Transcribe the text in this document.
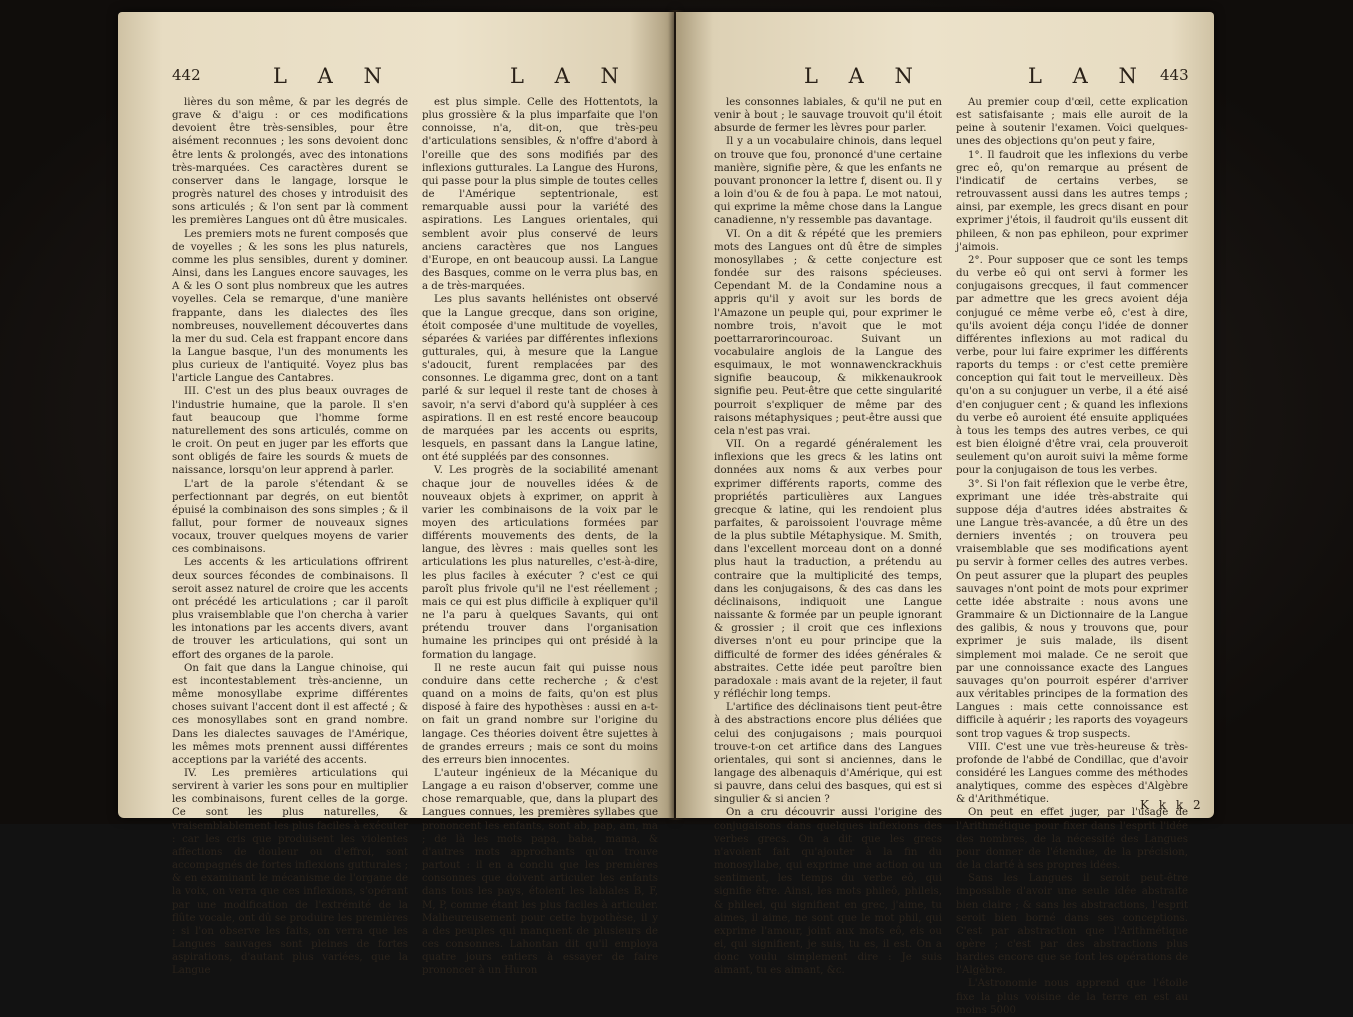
442	L A N	L A N

lières du son même, & par les degrés de grave & d'aigu : or ces modifications devoient être très-sensibles, pour être aisément reconnues ; les sons devoient donc être lents & prolongés, avec des intonations très-marquées. Ces caractères durent se conserver dans le langage, lorsque le progrès naturel des choses y introduisit des sons articulés ; & l'on sent par là comment les premières Langues ont dû être musicales.

Les premiers mots ne furent composés que de voyelles ; & les sons les plus naturels, comme les plus sensibles, durent y dominer. Ainsi, dans les Langues encore sauvages, les A & les O sont plus nombreux que les autres voyelles. Cela se remarque, d'une manière frappante, dans les dialectes des îles nombreuses, nouvellement découvertes dans la mer du sud. Cela est frappant encore dans la Langue basque, l'un des monuments les plus curieux de l'antiquité. Voyez plus bas l'article Langue des Cantabres.

III. C'est un des plus beaux ouvrages de l'industrie humaine, que la parole. Il s'en faut beaucoup que l'homme forme naturellement des sons articulés, comme on le croit. On peut en juger par les efforts que sont obligés de faire les sourds & muets de naissance, lorsqu'on leur apprend à parler.

L'art de la parole s'étendant & se perfectionnant par degrés, on eut bientôt épuisé la combinaison des sons simples ; & il fallut, pour former de nouveaux signes vocaux, trouver quelques moyens de varier ces combinaisons.

Les accents & les articulations offrirent deux sources fécondes de combinaisons. Il seroit assez naturel de croire que les accents ont précédé les articulations ; car il paroît plus vraisemblable que l'on chercha à varier les intonations par les accents divers, avant de trouver les articulations, qui sont un effort des organes de la parole.

On fait que dans la Langue chinoise, qui est incontestablement très-ancienne, un même monosyllabe exprime différentes choses suivant l'accent dont il est affecté ; & ces monosyllabes sont en grand nombre. Dans les dialectes sauvages de l'Amérique, les mêmes mots prennent aussi différentes acceptions par la variété des accents.

IV. Les premières articulations qui servirent à varier les sons pour en multiplier les combinaisons, furent celles de la gorge. Ce sont les plus naturelles, & vraisemblablement les plus faciles à exécuter : car les cris que produisent les violentes affections de douleur ou d'effroi, sont accompagnés de fortes inflexions gutturales ; & en examinant le mécanisme de l'organe de la voix, on verra que ces inflexions, s'opérant par une modification de l'extrémité de la flûte vocale, ont dû se produire les premières : si l'on observe les faits, on verra que les Langues sauvages sont pleines de fortes aspirations, d'autant plus variées, que la Langue

est plus simple. Celle des Hottentots, la plus grossière & la plus imparfaite que l'on connoisse, n'a, dit-on, que très-peu d'articulations sensibles, & n'offre d'abord à l'oreille que des sons modifiés par des inflexions gutturales. La Langue des Hurons, qui passe pour la plus simple de toutes celles de l'Amérique septentrionale, est remarquable aussi pour la variété des aspirations. Les Langues orientales, qui semblent avoir plus conservé de leurs anciens caractères que nos Langues d'Europe, en ont beaucoup aussi. La Langue des Basques, comme on le verra plus bas, en a de très-marquées.

Les plus savants hellénistes ont observé que la Langue grecque, dans son origine, étoit composée d'une multitude de voyelles, séparées & variées par différentes inflexions gutturales, qui, à mesure que la Langue s'adoucit, furent remplacées par des consonnes. Le digamma grec, dont on a tant parlé & sur lequel il reste tant de choses à savoir, n'a servi d'abord qu'à suppléer à ces aspirations. Il en est resté encore beaucoup de marquées par les accents ou esprits, lesquels, en passant dans la Langue latine, ont été suppléés par des consonnes.

V. Les progrès de la sociabilité amenant chaque jour de nouvelles idées & de nouveaux objets à exprimer, on apprit à varier les combinaisons de la voix par le moyen des articulations formées par différents mouvements des dents, de la langue, des lèvres : mais quelles sont les articulations les plus naturelles, c'est-à-dire, les plus faciles à exécuter ? c'est ce qui paroît plus frivole qu'il ne l'est réellement ; mais ce qui est plus difficile à expliquer qu'il ne l'a paru à quelques Savants, qui ont prétendu trouver dans l'organisation humaine les principes qui ont présidé à la formation du langage.

Il ne reste aucun fait qui puisse nous conduire dans cette recherche ; & c'est quand on a moins de faits, qu'on est plus disposé à faire des hypothèses : aussi en a-t-on fait un grand nombre sur l'origine du langage. Ces théories doivent être sujettes à de grandes erreurs ; mais ce sont du moins des erreurs bien innocentes.

L'auteur ingénieux de la Mécanique du Langage a eu raison d'observer, comme une chose remarquable, que, dans la plupart des Langues connues, les premières syllabes que prononcent les enfants, sont ab, pap, am, ma ; de là les mots papa, baba, mama, & d'autres mots approchants qu'on trouve partout : il en a conclu que les premières consonnes que doivent articuler les enfants dans tous les pays, étoient les labiales B, F, M, P, comme étant les plus faciles à articuler. Malheureusement pour cette hypothèse, il y a des peuples qui manquent de plusieurs de ces consonnes. Lahontan dit qu'il employa quatre jours entiers à essayer de faire prononcer à un Huron

L A N	L A N 443

les consonnes labiales, & qu'il ne put en venir à bout ; le sauvage trouvoit qu'il étoit absurde de fermer les lèvres pour parler.

Il y a un vocabulaire chinois, dans lequel on trouve que fou, prononcé d'une certaine manière, signifie père, & que les enfants ne pouvant prononcer la lettre f, disent ou. Il y a loin d'ou & de fou à papa. Le mot natoui, qui exprime la même chose dans la Langue canadienne, n'y ressemble pas davantage.

VI. On a dit & répété que les premiers mots des Langues ont dû être de simples monosyllabes ; & cette conjecture est fondée sur des raisons spécieuses. Cependant M. de la Condamine nous a appris qu'il y avoit sur les bords de l'Amazone un peuple qui, pour exprimer le nombre trois, n'avoit que le mot poettarrarorincouroac. Suivant un vocabulaire anglois de la Langue des esquimaux, le mot wonnawenckrackhuis signifie beaucoup, & mikkenaukrook signifie peu. Peut-être que cette singularité pourroit s'expliquer de même par des raisons métaphysiques ; peut-être aussi que cela n'est pas vrai.

VII. On a regardé généralement les inflexions que les grecs & les latins ont données aux noms & aux verbes pour exprimer différents raports, comme des propriétés particulières aux Langues grecque & latine, qui les rendoient plus parfaites, & paroissoient l'ouvrage même de la plus subtile Métaphysique. M. Smith, dans l'excellent morceau dont on a donné plus haut la traduction, a prétendu au contraire que la multiplicité des temps, dans les conjugaisons, & des cas dans les déclinaisons, indiquoit une Langue naissante & formée par un peuple ignorant & grossier ; il croit que ces inflexions diverses n'ont eu pour principe que la difficulté de former des idées générales & abstraites. Cette idée peut paroître bien paradoxale : mais avant de la rejeter, il faut y réfléchir long temps.

L'artifice des déclinaisons tient peut-être à des abstractions encore plus déliées que celui des conjugaisons ; mais pourquoi trouve-t-on cet artifice dans des Langues orientales, qui sont si anciennes, dans le langage des albenaquis d'Amérique, qui est si pauvre, dans celui des basques, qui est si singulier & si ancien ?

On a cru découvrir aussi l'origine des conjugaisons dans quelques inflexions des verbes grecs. On a dit que les grecs n'avoient fait qu'ajouter à la fin du monosyllabe, qui exprime une action ou un sentiment, les temps du verbe eô, qui signifie être. Ainsi, les mots phileô, phileis, & phileei, qui signifient en grec, j'aime, tu aimes, il aime, ne sont que le mot phil, qui exprime l'amour, joint aux mots eô, eis ou ei, qui signifient, je suis, tu es, il est. On a donc voulu simplement dire : Je suis aimant, tu es aimant, &c.

Au premier coup d'œil, cette explication est satisfaisante ; mais elle auroit de la peine à soutenir l'examen. Voici quelques-unes des objections qu'on peut y faire,

1°. Il faudroit que les inflexions du verbe grec eô, qu'on remarque au présent de l'indicatif de certains verbes, se retrouvassent aussi dans les autres temps ; ainsi, par exemple, les grecs disant en pour exprimer j'étois, il faudroit qu'ils eussent dit phileen, & non pas ephileon, pour exprimer j'aimois.

2°. Pour supposer que ce sont les temps du verbe eô qui ont servi à former les conjugaisons grecques, il faut commencer par admettre que les grecs avoient déja conjugué ce même verbe eô, c'est à dire, qu'ils avoient déja conçu l'idée de donner différentes inflexions au mot radical du verbe, pour lui faire exprimer les différents raports du temps : or c'est cette première conception qui fait tout le merveilleux. Dès qu'on a su conjuguer un verbe, il a été aisé d'en conjuguer cent ; & quand les inflexions du verbe eô auroient été ensuite appliquées à tous les temps des autres verbes, ce qui est bien éloigné d'être vrai, cela prouveroit seulement qu'on auroit suivi la même forme pour la conjugaison de tous les verbes.

3°. Si l'on fait réflexion que le verbe être, exprimant une idée très-abstraite qui suppose déja d'autres idées abstraites & une Langue très-avancée, a dû être un des derniers inventés ; on trouvera peu vraisemblable que ses modifications ayent pu servir à former celles des autres verbes. On peut assurer que la plupart des peuples sauvages n'ont point de mots pour exprimer cette idée abstraite : nous avons une Grammaire & un Dictionnaire de la Langue des galibis, & nous y trouvons que, pour exprimer je suis malade, ils disent simplement moi malade. Ce ne seroit que par une connoissance exacte des Langues sauvages qu'on pourroit espérer d'arriver aux véritables principes de la formation des Langues : mais cette connoissance est difficile à aquérir ; les raports des voyageurs sont trop vagues & trop suspects.

VIII. C'est une vue très-heureuse & très-profonde de l'abbé de Condillac, que d'avoir considéré les Langues comme des méthodes analytiques, comme des espèces d'Algèbre & d'Arithmétique.

On peut en effet juger, par l'usage de l'Arithmétique pour fixer dans l'esprit l'idée des nombres, de la nécessité des Langues pour donner de l'étendue, de la précision, de la clarté à ses propres idées.

Sans les Langues il seroit peut-être impossible d'avoir une seule idée abstraite bien claire ; & sans les abstractions, l'esprit seroit bien borné dans ses conceptions. C'est par abstraction que l'Arithmétique opère ; c'est par des abstractions plus hardies encore que se font les opérations de l'Algèbre.

L'Astronomie nous apprend que l'étoile fixe la plus voisine de la terre en est au moins 5000

K k k 2
